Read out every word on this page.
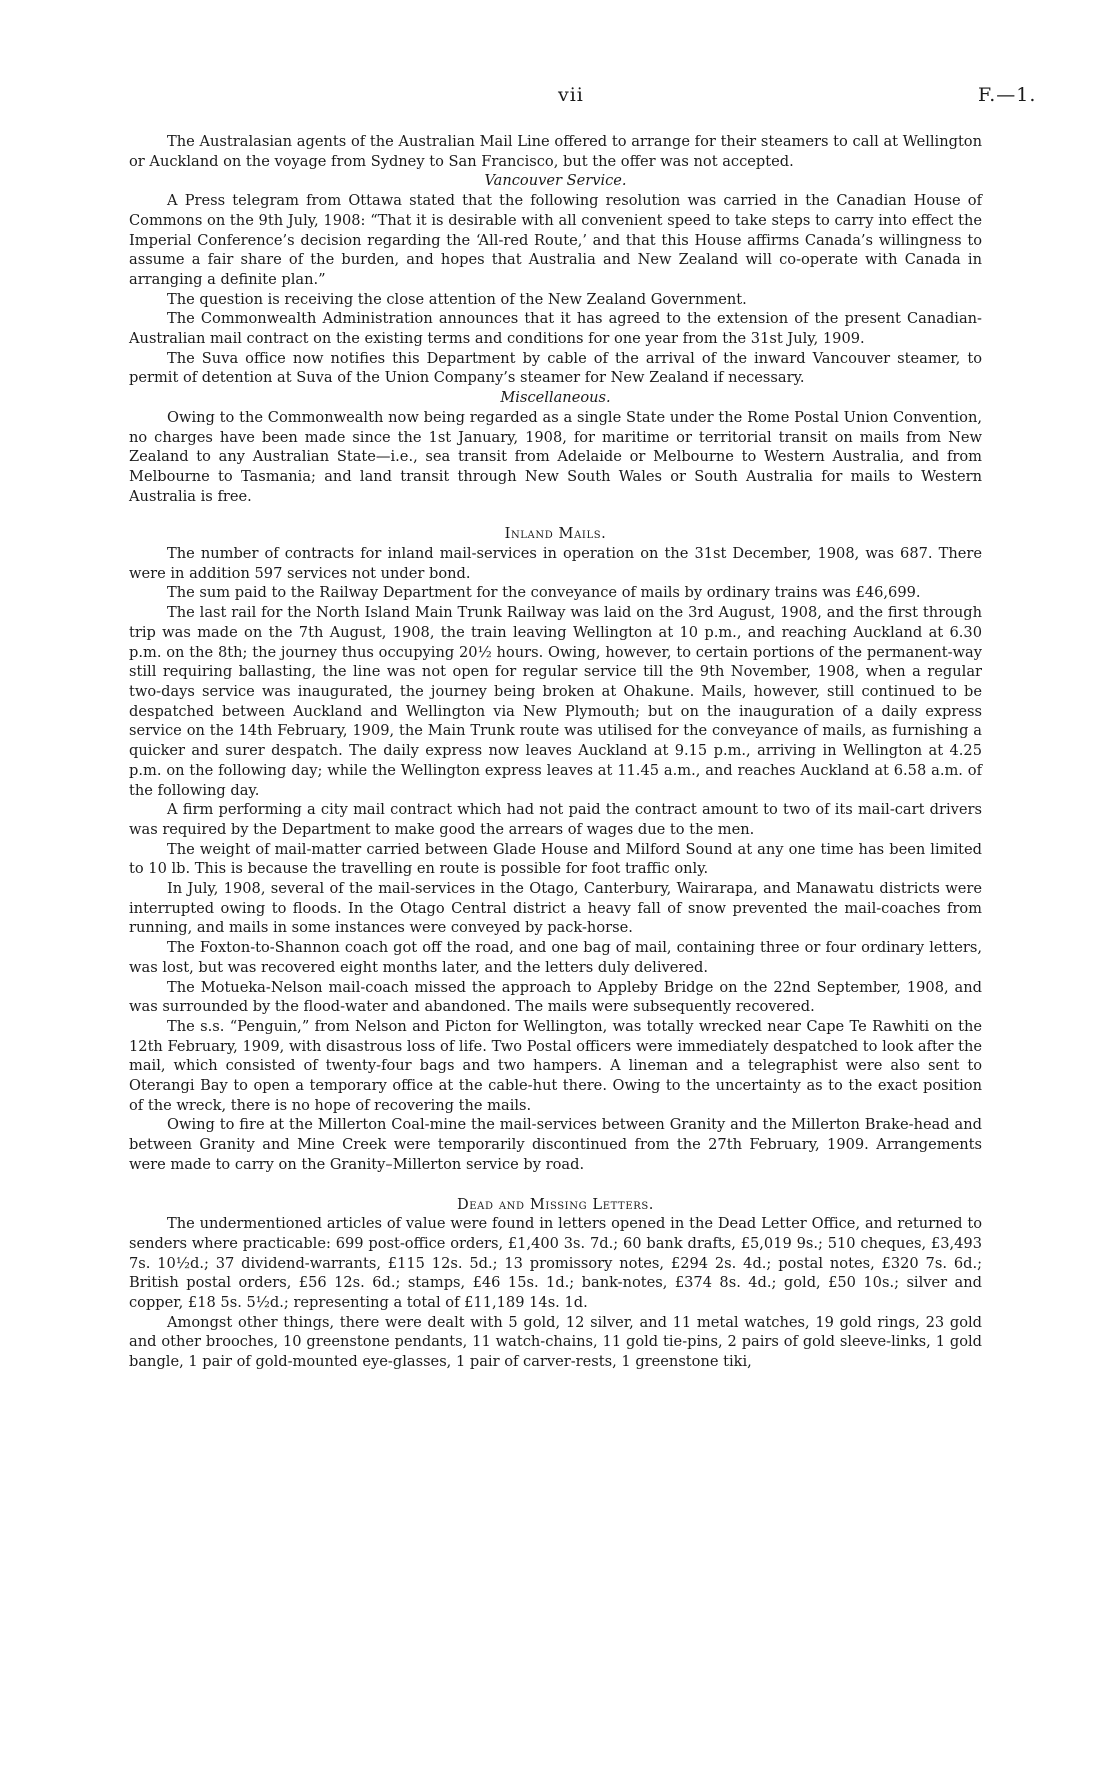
vii	F.—1.

The Australasian agents of the Australian Mail Line offered to arrange for their steamers to call at Wellington or Auckland on the voyage from Sydney to San Francisco, but the offer was not accepted.

Vancouver Service.

A Press telegram from Ottawa stated that the following resolution was carried in the Canadian House of Commons on the 9th July, 1908: “That it is desirable with all convenient speed to take steps to carry into effect the Imperial Conference’s decision regarding the ‘All-red Route,’ and that this House affirms Canada’s willingness to assume a fair share of the burden, and hopes that Australia and New Zealand will co-operate with Canada in arranging a definite plan.”

The question is receiving the close attention of the New Zealand Government.

The Commonwealth Administration announces that it has agreed to the extension of the present Canadian-Australian mail contract on the existing terms and conditions for one year from the 31st July, 1909.

The Suva office now notifies this Department by cable of the arrival of the inward Vancouver steamer, to permit of detention at Suva of the Union Company’s steamer for New Zealand if necessary.

Miscellaneous.

Owing to the Commonwealth now being regarded as a single State under the Rome Postal Union Convention, no charges have been made since the 1st January, 1908, for maritime or territorial transit on mails from New Zealand to any Australian State—i.e., sea transit from Adelaide or Melbourne to Western Australia, and from Melbourne to Tasmania; and land transit through New South Wales or South Australia for mails to Western Australia is free.

Inland Mails.

The number of contracts for inland mail-services in operation on the 31st December, 1908, was 687. There were in addition 597 services not under bond.

The sum paid to the Railway Department for the conveyance of mails by ordinary trains was £46,699.

The last rail for the North Island Main Trunk Railway was laid on the 3rd August, 1908, and the first through trip was made on the 7th August, 1908, the train leaving Wellington at 10 p.m., and reaching Auckland at 6.30 p.m. on the 8th; the journey thus occupying 20½ hours. Owing, however, to certain portions of the permanent-way still requiring ballasting, the line was not open for regular service till the 9th November, 1908, when a regular two-days service was inaugurated, the journey being broken at Ohakune. Mails, however, still continued to be despatched between Auckland and Wellington via New Plymouth; but on the inauguration of a daily express service on the 14th February, 1909, the Main Trunk route was utilised for the conveyance of mails, as furnishing a quicker and surer despatch. The daily express now leaves Auckland at 9.15 p.m., arriving in Wellington at 4.25 p.m. on the following day; while the Wellington express leaves at 11.45 a.m., and reaches Auckland at 6.58 a.m. of the following day.

A firm performing a city mail contract which had not paid the contract amount to two of its mail-cart drivers was required by the Department to make good the arrears of wages due to the men.

The weight of mail-matter carried between Glade House and Milford Sound at any one time has been limited to 10 lb. This is because the travelling en route is possible for foot traffic only.

In July, 1908, several of the mail-services in the Otago, Canterbury, Wairarapa, and Manawatu districts were interrupted owing to floods. In the Otago Central district a heavy fall of snow prevented the mail-coaches from running, and mails in some instances were conveyed by pack-horse.

The Foxton-to-Shannon coach got off the road, and one bag of mail, containing three or four ordinary letters, was lost, but was recovered eight months later, and the letters duly delivered.

The Motueka-Nelson mail-coach missed the approach to Appleby Bridge on the 22nd September, 1908, and was surrounded by the flood-water and abandoned. The mails were subsequently recovered.

The s.s. “Penguin,” from Nelson and Picton for Wellington, was totally wrecked near Cape Te Rawhiti on the 12th February, 1909, with disastrous loss of life. Two Postal officers were immediately despatched to look after the mail, which consisted of twenty-four bags and two hampers. A lineman and a telegraphist were also sent to Oterangi Bay to open a temporary office at the cable-hut there. Owing to the uncertainty as to the exact position of the wreck, there is no hope of recovering the mails.

Owing to fire at the Millerton Coal-mine the mail-services between Granity and the Millerton Brake-head and between Granity and Mine Creek were temporarily discontinued from the 27th February, 1909. Arrangements were made to carry on the Granity–Millerton service by road.

Dead and Missing Letters.

The undermentioned articles of value were found in letters opened in the Dead Letter Office, and returned to senders where practicable: 699 post-office orders, £1,400 3s. 7d.; 60 bank drafts, £5,019 9s.; 510 cheques, £3,493 7s. 10½d.; 37 dividend-warrants, £115 12s. 5d.; 13 promissory notes, £294 2s. 4d.; postal notes, £320 7s. 6d.; British postal orders, £56 12s. 6d.; stamps, £46 15s. 1d.; bank-notes, £374 8s. 4d.; gold, £50 10s.; silver and copper, £18 5s. 5½d.; representing a total of £11,189 14s. 1d.

Amongst other things, there were dealt with 5 gold, 12 silver, and 11 metal watches, 19 gold rings, 23 gold and other brooches, 10 greenstone pendants, 11 watch-chains, 11 gold tie-pins, 2 pairs of gold sleeve-links, 1 gold bangle, 1 pair of gold-mounted eye-glasses, 1 pair of carver-rests, 1 greenstone tiki,
